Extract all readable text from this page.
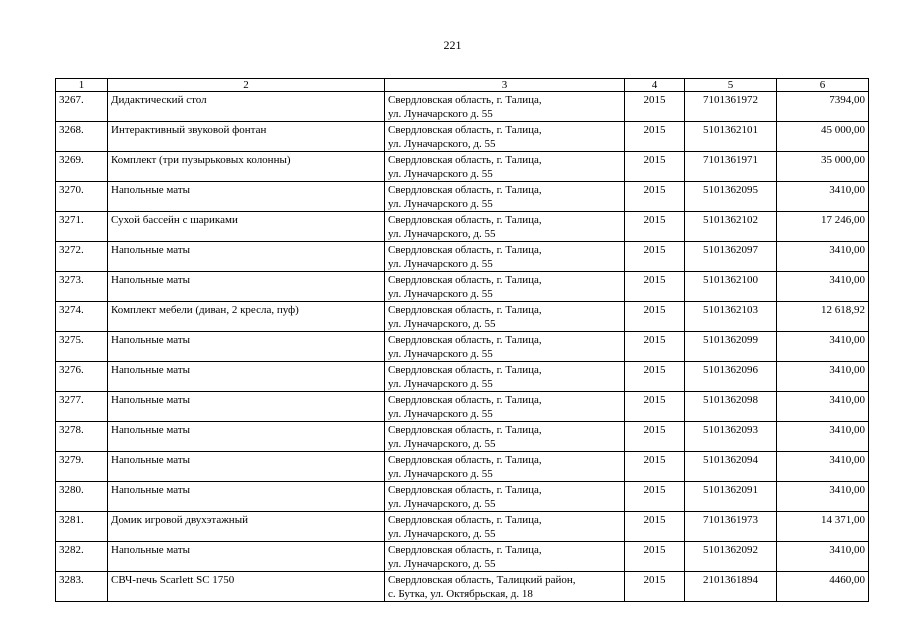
221
1	2	3	4	5	6
3267.	Дидактический стол	Свердловская область, г. Талица,
ул. Луначарского д. 55	2015	7101361972	7394,00
3268.	Интерактивный звуковой фонтан	Свердловская область, г. Талица,
ул. Луначарского, д. 55	2015	5101362101	45 000,00
3269.	Комплект (три пузырьковых колонны)	Свердловская область, г. Талица,
ул. Луначарского д. 55	2015	7101361971	35 000,00
3270.	Напольные маты	Свердловская область, г. Талица,
ул. Луначарского д. 55	2015	5101362095	3410,00
3271.	Сухой бассейн с шариками	Свердловская область, г. Талица,
ул. Луначарского, д. 55	2015	5101362102	17 246,00
3272.	Напольные маты	Свердловская область, г. Талица,
ул. Луначарского д. 55	2015	5101362097	3410,00
3273.	Напольные маты	Свердловская область, г. Талица,
ул. Луначарского д. 55	2015	5101362100	3410,00
3274.	Комплект мебели (диван, 2 кресла, пуф)	Свердловская область, г. Талица,
ул. Луначарского, д. 55	2015	5101362103	12 618,92
3275.	Напольные маты	Свердловская область, г. Талица,
ул. Луначарского д. 55	2015	5101362099	3410,00
3276.	Напольные маты	Свердловская область, г. Талица,
ул. Луначарского д. 55	2015	5101362096	3410,00
3277.	Напольные маты	Свердловская область, г. Талица,
ул. Луначарского д. 55	2015	5101362098	3410,00
3278.	Напольные маты	Свердловская область, г. Талица,
ул. Луначарского, д. 55	2015	5101362093	3410,00
3279.	Напольные маты	Свердловская область, г. Талица,
ул. Луначарского д. 55	2015	5101362094	3410,00
3280.	Напольные маты	Свердловская область, г. Талица,
ул. Луначарского, д. 55	2015	5101362091	3410,00
3281.	Домик игровой двухэтажный	Свердловская область, г. Талица,
ул. Луначарского, д. 55	2015	7101361973	14 371,00
3282.	Напольные маты	Свердловская область, г. Талица,
ул. Луначарского, д. 55	2015	5101362092	3410,00
3283.	СВЧ-печь Scarlett SC 1750	Свердловская область, Талицкий район,
с. Бутка, ул. Октябрьская, д. 18	2015	2101361894	4460,00
